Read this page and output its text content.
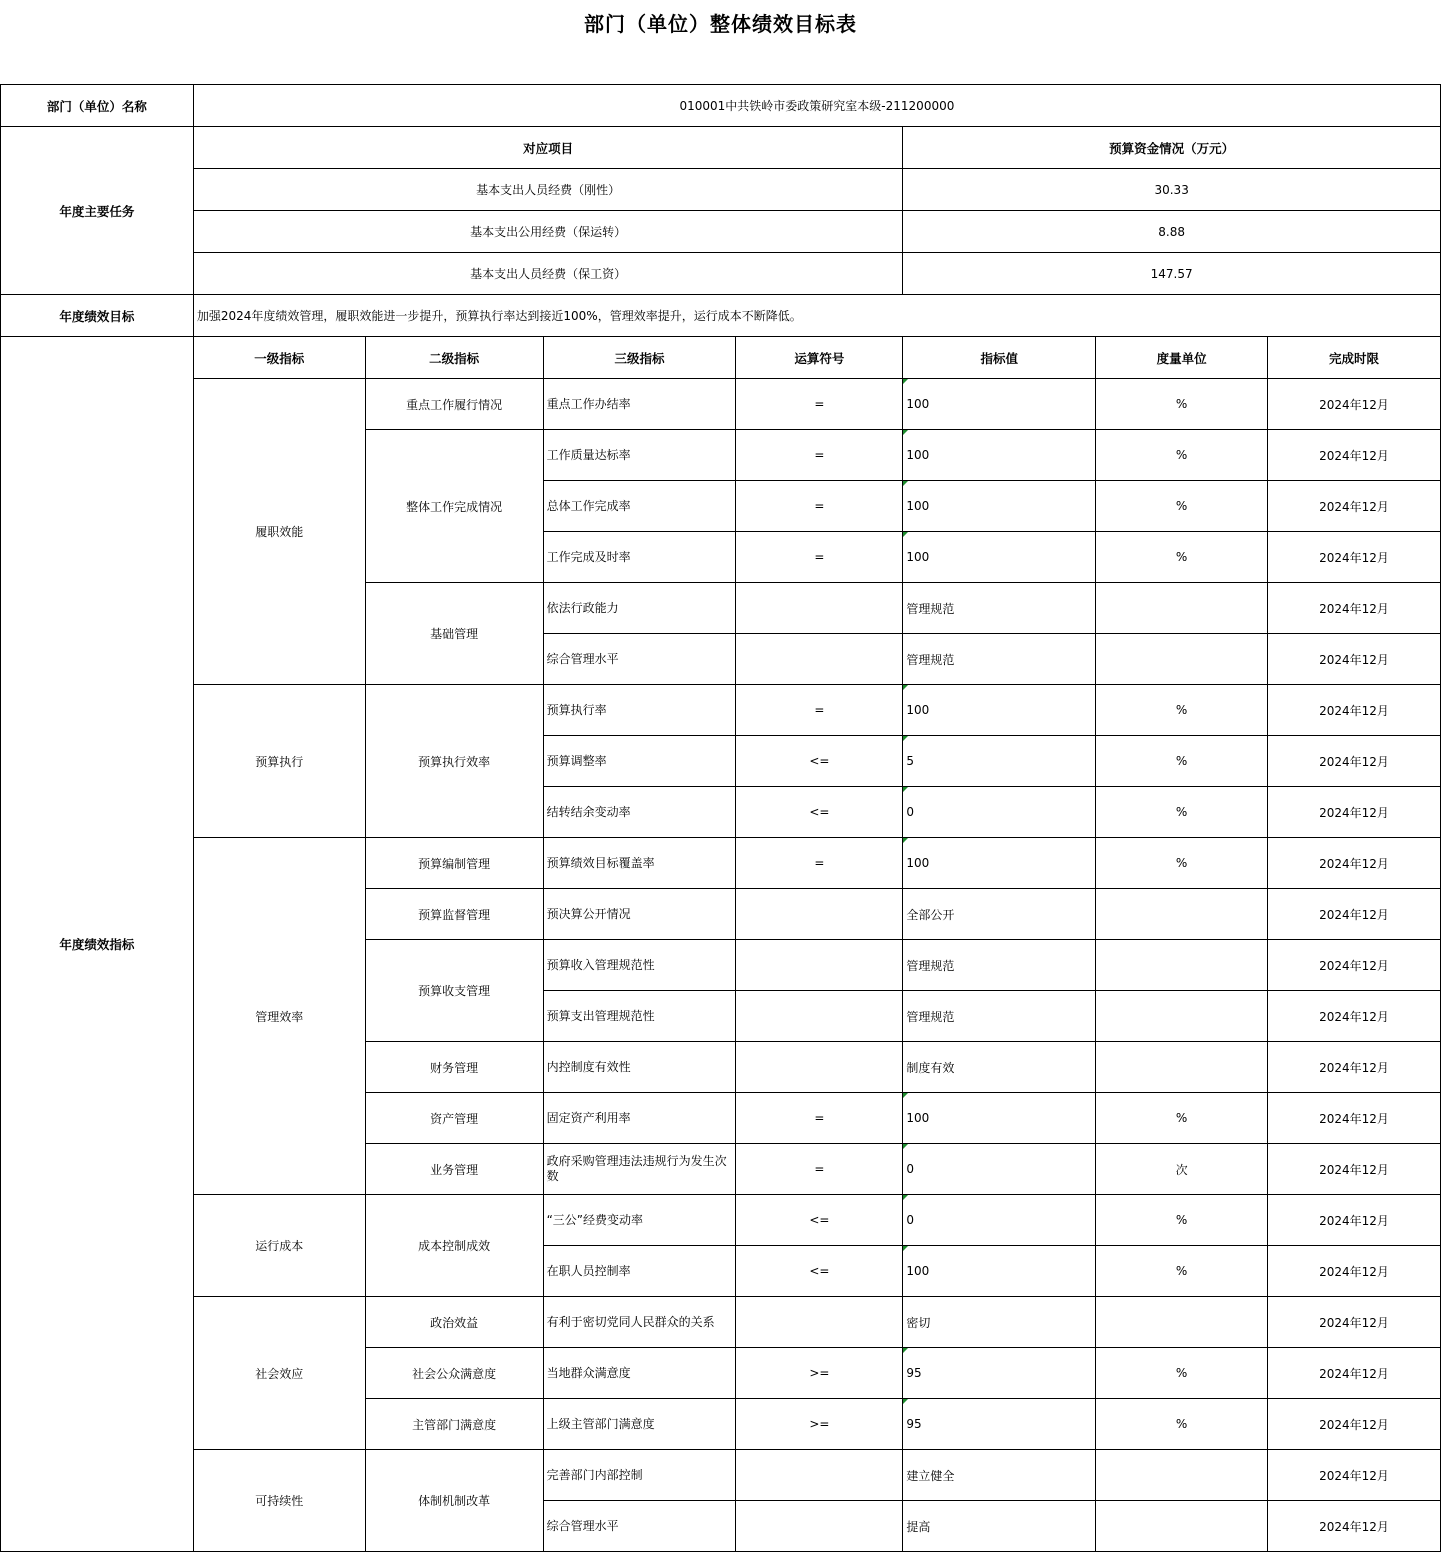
部门（单位）整体绩效目标表
部门（单位）名称	010001中共铁岭市委政策研究室本级-211200000						
年度主要任务	对应项目				预算资金情况（万元）		
	基本支出人员经费（刚性）				30.33		
	基本支出公用经费（保运转）				8.88		
	基本支出人员经费（保工资）				147.57		
年度绩效目标	加强2024年度绩效管理，履职效能进一步提升，预算执行率达到接近100%，管理效率提升，运行成本不断降低。						
年度绩效指标	一级指标	二级指标	三级指标	运算符号	指标值	度量单位	完成时限
	履职效能	重点工作履行情况	重点工作办结率	=	100	%	2024年12月
		整体工作完成情况	工作质量达标率	=	100	%	2024年12月
			总体工作完成率	=	100	%	2024年12月
			工作完成及时率	=	100	%	2024年12月
		基础管理	依法行政能力		管理规范		2024年12月
			综合管理水平		管理规范		2024年12月
	预算执行	预算执行效率	预算执行率	=	100	%	2024年12月
			预算调整率	<=	5	%	2024年12月
			结转结余变动率	<=	0	%	2024年12月
	管理效率	预算编制管理	预算绩效目标覆盖率	=	100	%	2024年12月
		预算监督管理	预决算公开情况		全部公开		2024年12月
		预算收支管理	预算收入管理规范性		管理规范		2024年12月
			预算支出管理规范性		管理规范		2024年12月
		财务管理	内控制度有效性		制度有效		2024年12月
		资产管理	固定资产利用率	=	100	%	2024年12月
		业务管理	政府采购管理违法违规行为发生次数	=	0	次	2024年12月
	运行成本	成本控制成效	“三公”经费变动率	<=	0	%	2024年12月
			在职人员控制率	<=	100	%	2024年12月
	社会效应	政治效益	有利于密切党同人民群众的关系		密切		2024年12月
		社会公众满意度	当地群众满意度	>=	95	%	2024年12月
		主管部门满意度	上级主管部门满意度	>=	95	%	2024年12月
	可持续性	体制机制改革	完善部门内部控制		建立健全		2024年12月
			综合管理水平		提高		2024年12月
